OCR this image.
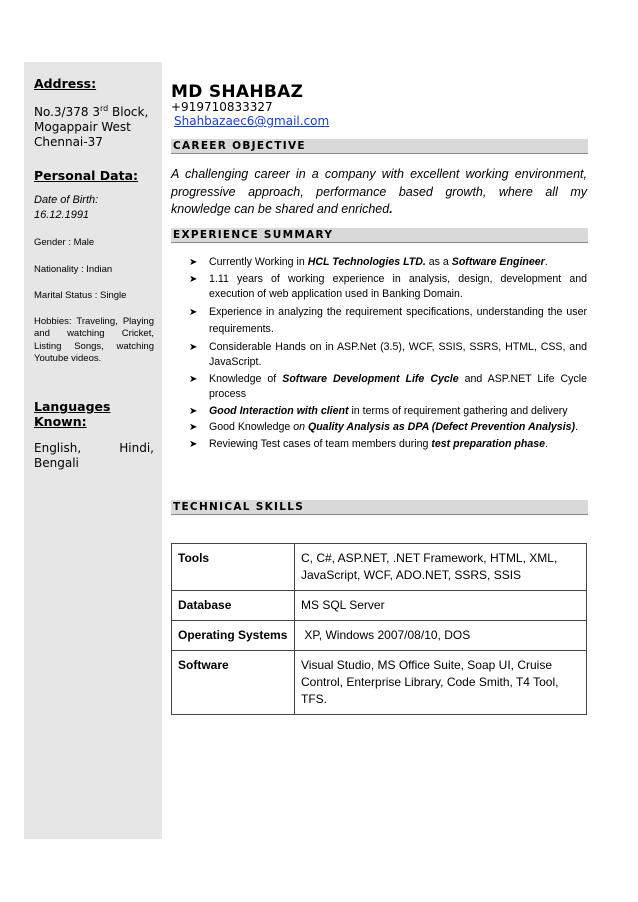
Address:
No.3/378 3rd Block,
Mogappair West
Chennai-37
Personal Data:
Date of Birth:
16.12.1991
Gender : Male
Nationality : Indian
Marital Status : Single
Hobbies: Traveling, Playing and watching Cricket, Listing Songs, watching Youtube videos.
Languages Known:
English, Hindi, Bengali
MD SHAHBAZ
+919710833327
Shahbazaec6@gmail.com
CAREER OBJECTIVE
A challenging career in a company with excellent working environment, progressive approach, performance based growth, where all my knowledge can be shared and enriched.
EXPERIENCE SUMMARY
➤ Currently Working in HCL Technologies LTD. as a Software Engineer.
➤ 1.11 years of working experience in analysis, design, development and execution of web application used in Banking Domain.
➤ Experience in analyzing the requirement specifications, understanding the user requirements.
➤ Considerable Hands on in ASP.Net (3.5), WCF, SSIS, SSRS, HTML, CSS, and JavaScript.
➤ Knowledge of Software Development Life Cycle and ASP.NET Life Cycle process
➤ Good Interaction with client in terms of requirement gathering and delivery
➤ Good Knowledge on Quality Analysis as DPA (Defect Prevention Analysis).
➤ Reviewing Test cases of team members during test preparation phase.
TECHNICAL SKILLS
Tools	C, C#, ASP.NET, .NET Framework, HTML, XML, JavaScript, WCF, ADO.NET, SSRS, SSIS
Database	MS SQL Server
Operating Systems	XP, Windows 2007/08/10, DOS
Software	Visual Studio, MS Office Suite, Soap UI, Cruise Control, Enterprise Library, Code Smith, T4 Tool, TFS.
